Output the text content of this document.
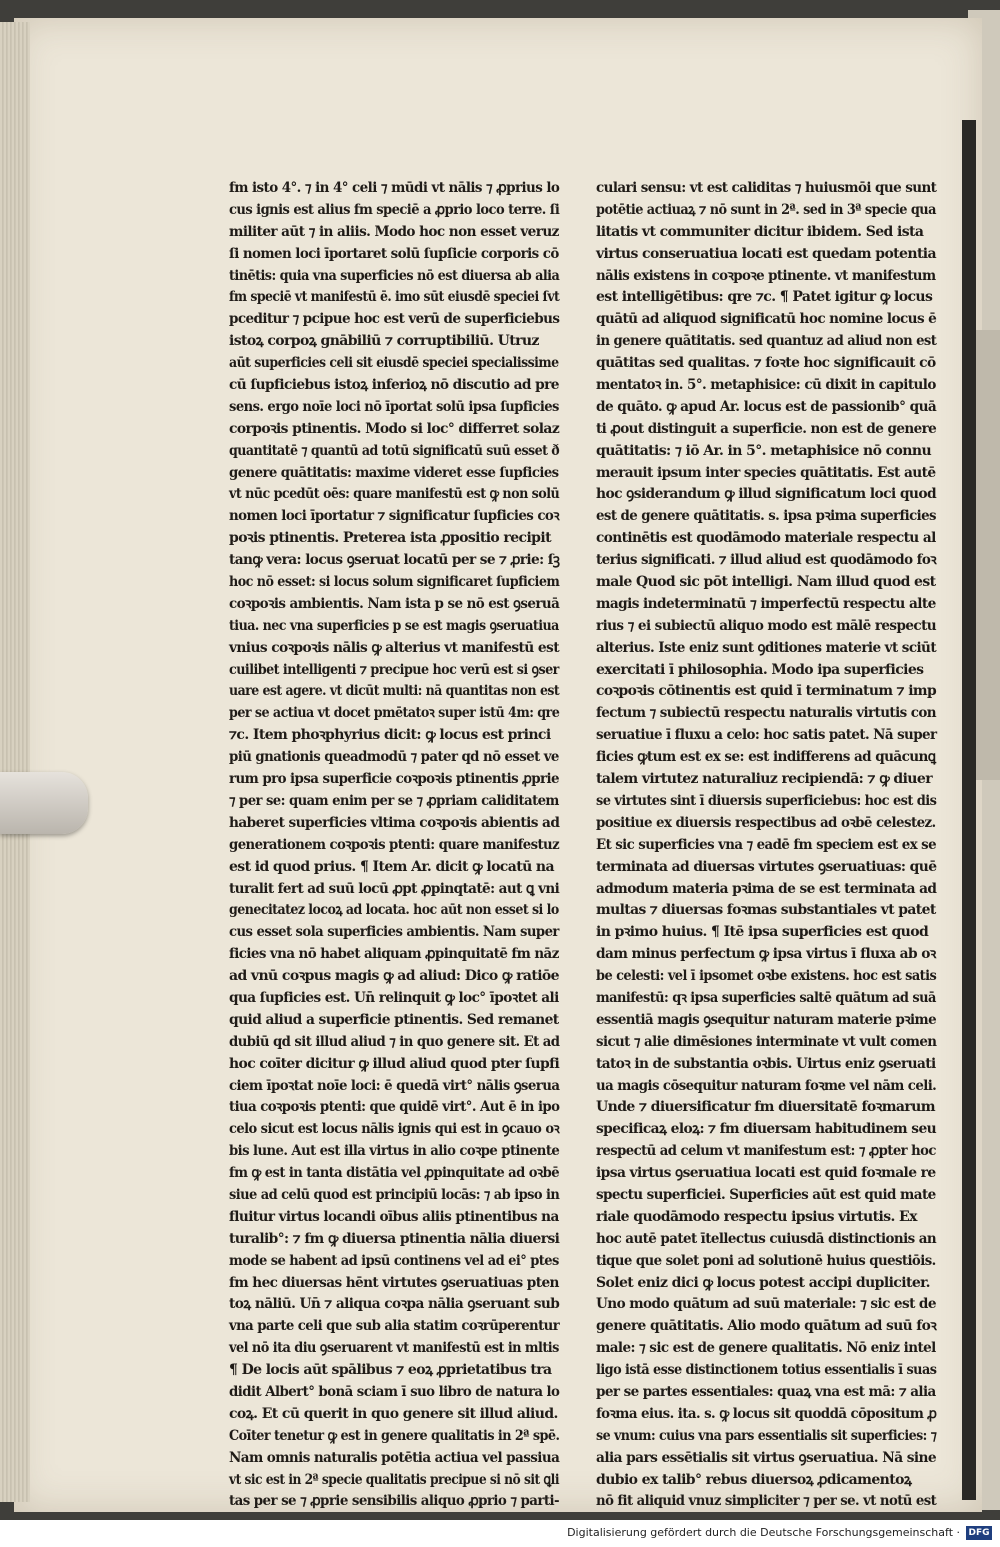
fm isto 4°. ⁊ in 4° celi ⁊ mūdi vt nālis ⁊ ꝓprius lo
cus ignis est alius fm speciē a ꝓprio loco terre. ſi
militer aūt ⁊ in aliis. Modo hoc non esset veruz
ſi nomen loci īportaret solū ſupſicie corporis cō
tinētis: quia vna superficies nō est diuersa ab alia
fm speciē vt manifestū ē. imo sūt eiusdē speciei ſvt
pceditur ⁊ pcipue hoc est verū de superficiebus
istoꝝ corpoꝝ gnābiliū ⁊ corruptibiliū. Utruz
aūt superficies celi sit eiusdē speciei specialissime
cū ſupficiebus istoꝝ inferioꝝ nō discutio ad pre
sens. ergo noīe loci nō īportat solū ipsa ſupficies
corpoꝛis ptinentis. Modo si loc° differret solaz
quantitatē ⁊ quantū ad totū significatū suū esset ð
genere quātitatis: maxime videret esse ſupficies
vt nūc pcedūt oēs: quare manifestū est ꝙ non solū
nomen loci īportatur ⁊ significatur ſupficies coꝛ
poꝛis ptinentis. Preterea ista ꝓpositio recipit
tanꝙ vera: locus ꝯseruat locatū per se ⁊ ꝓrie: ſꝫ
hoc nō esset: si locus solum significaret ſupficiem
coꝛpoꝛis ambientis. Nam ista p se nō est ꝯseruā
tiua. nec vna superficies p se est magis ꝯseruatiua
vnius coꝛpoꝛis nālis ꝙ alterius vt manifestū est
cuilibet intelligenti ⁊ precipue hoc verū est si ꝯser
uare est agere. vt dicūt multi: nā quantitas non est
per se actiua vt docet pmētatoꝛ super istū 4m: qre
⁊c. Item phoꝛphyrius dicit: ꝙ locus est princi
piū gnationis queadmodū ⁊ pater qd nō esset ve
rum pro ipsa superficie coꝛpoꝛis ptinentis ꝓprie
⁊ per se: quam enim per se ⁊ ꝓpriam caliditatem
haberet superficies vltima coꝛpoꝛis abientis ad
generationem coꝛpoꝛis ptenti: quare manifestuz
est id quod prius. ¶ Item Ar. dicit ꝙ locatū na
turalit fert ad suū locū ꝓpt ꝓpinqtatē: aut ꝗ vni
genecitatez locoꝝ ad locata. hoc aūt non esset si lo
cus esset sola superficies ambientis. Nam super
ficies vna nō habet aliquam ꝓpinquitatē fm nāz
ad vnū coꝛpus magis ꝙ ad aliud: Dico ꝙ ratiōe
qua ſupficies est. Un̄ relinquit ꝙ loc° īpoꝛtet ali
quid aliud a superficie ptinentis. Sed remanet
dubiū qd sit illud aliud ⁊ in quo genere sit. Et ad
hoc coīter dicitur ꝙ illud aliud quod pter ſupfi
ciem īpoꝛtat noīe loci: ē quedā virt° nālis ꝯserua
tiua coꝛpoꝛis ptenti: que quidē virt°. Aut ē in ipo
celo sicut est locus nālis ignis qui est in ꝯcauo oꝛ
bis lune. Aut est illa virtus in alio coꝛpe ptinente
fm ꝙ est in tanta distātia vel ꝓpinquitate ad oꝛbē
siue ad celū quod est principiū locās: ⁊ ab ipso in
fluitur virtus locandi oībus aliis ptinentibus na
turalib°: ⁊ fm ꝙ diuersa ptinentia nālia diuersi
mode se habent ad ipsū continens vel ad ei° ptes
fm hec diuersas hēnt virtutes ꝯseruatiuas pten
toꝝ nāliū. Un̄ ⁊ aliqua coꝛpa nālia ꝯseruant sub
vna parte celi que sub alia statim coꝛrūperentur
vel nō ita diu ꝯseruarent vt manifestū est in mltis
¶ De locis aūt spālibus ⁊ eoꝝ ꝓprietatibus tra
didit Albert° bonā sciam ī suo libro de natura lo
coꝝ. Et cū querit in quo genere sit illud aliud.
Coīter tenetur ꝙ est in genere qualitatis in 2ª spē.
Nam omnis naturalis potētia actiua vel passiua
vt sic est in 2ª specie qualitatis precipue si nō sit ꝗli
tas per se ⁊ ꝓprie sensibilis aliquo ꝓprio ⁊ parti-
culari sensu: vt est caliditas ⁊ huiusmōi que sunt
potētie actiuaꝝ ⁊ nō sunt in 2ª. sed in 3ª specie qua
litatis vt communiter dicitur ibidem. Sed ista
virtus conseruatiua locati est quedam potentia
nālis existens in coꝛpoꝛe ptinente. vt manifestum
est intelligētibus: qre ⁊c. ¶ Patet igitur ꝙ locus
quātū ad aliquod significatū hoc nomine locus ē
in genere quātitatis. sed quantuz ad aliud non est
quātitas sed qualitas. ⁊ foꝛte hoc significauit cō
mentatoꝛ in. 5°. metaphisice: cū dixit in capitulo
de quāto. ꝙ apud Ar. locus est de passionib° quā
ti ꝓout distinguit a superficie. non est de genere
quātitatis: ⁊ iō Ar. in 5°. metaphisice nō connu
merauit ipsum inter species quātitatis. Est autē
hoc ꝯsiderandum ꝙ illud significatum loci quod
est de genere quātitatis. s. ipsa pꝛima superficies
continētis est quodāmodo materiale respectu al
terius significati. ⁊ illud aliud est quodāmodo foꝛ
male Quod sic pōt intelligi. Nam illud quod est
magis indeterminatū ⁊ imperfectū respectu alte
rius ⁊ ei subiectū aliquo modo est mālē respectu
alterius. Iste eniz sunt ꝯditiones materie vt sciūt
exercitati ī philosophia. Modo ipa superficies
coꝛpoꝛis cōtinentis est quid ī terminatum ⁊ imp
fectum ⁊ subiectū respectu naturalis virtutis con
seruatiue ī fluxu a celo: hoc satis patet. Nā super
ficies ꝙtum est ex se: est indifferens ad quācunꝗ
talem virtutez naturaliuz recipiendā: ⁊ ꝙ diuer
se virtutes sint ī diuersis superficiebus: hoc est dis
positiue ex diuersis respectibus ad oꝛbē celestez.
Et sic superficies vna ⁊ eadē fm speciem est ex se
terminata ad diuersas virtutes ꝯseruatiuas: quē
admodum materia pꝛima de se est terminata ad
multas ⁊ diuersas foꝛmas substantiales vt patet
in pꝛimo huius. ¶ Itē ipsa superficies est quod
dam minus perfectum ꝙ ipsa virtus ī fluxa ab oꝛ
be celesti: vel ī ipsomet oꝛbe existens. hoc est satis
manifestū: qꝛ ipsa superficies saltē quātum ad suā
essentiā magis ꝯsequitur naturam materie pꝛime
sicut ⁊ alie dimēsiones interminate vt vult comen
tatoꝛ in de substantia oꝛbis. Uirtus eniz ꝯseruati
ua magis cōsequitur naturam foꝛme vel nām celi.
Unde ⁊ diuersificatur fm diuersitatē foꝛmarum
specificaꝝ eloꝝ: ⁊ fm diuersam habitudinem seu
respectū ad celum vt manifestum est: ⁊ ꝓpter hoc
ipsa virtus ꝯseruatiua locati est quid foꝛmale re
spectu superficiei. Superficies aūt est quid mate
riale quodāmodo respectu ipsius virtutis. Ex
hoc autē patet ītellectus cuiusdā distinctionis an
tique que solet poni ad solutionē huius questiōis.
Solet eniz dici ꝙ locus potest accipi dupliciter.
Uno modo quātum ad suū materiale: ⁊ sic est de
genere quātitatis. Alio modo quātum ad suū foꝛ
male: ⁊ sic est de genere qualitatis. Nō eniz intel
ligo istā esse distinctionem totius essentialis ī suas
per se partes essentiales: quaꝝ vna est mā: ⁊ alia
foꝛma eius. ita. s. ꝙ locus sit quoddā cōpositum ꝓ
se vnum: cuius vna pars essentialis sit superficies: ⁊
alia pars essētialis sit virtus ꝯseruatiua. Nā sine
dubio ex talib° rebus diuersoꝝ ꝓdicamentoꝝ
nō fit aliquid vnuz simpliciter ⁊ per se. vt notū est
Digitalisierung gefördert durch die Deutsche Forschungsgemeinschaft · DFG
